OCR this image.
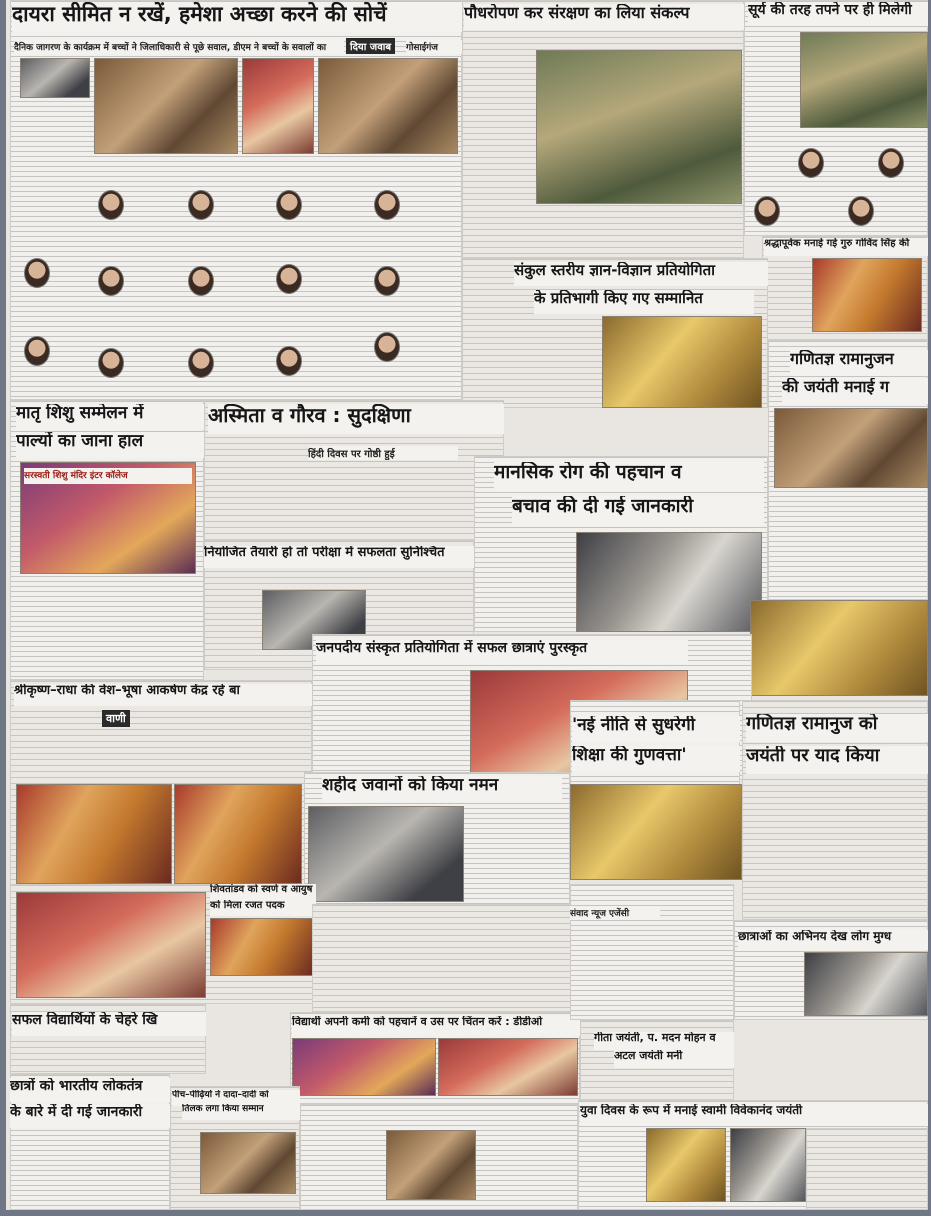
दायरा सीमित न रखें, हमेशा अच्छा करने की सोचें
दैनिक जागरण के कार्यक्रम में बच्चों ने जिलाधिकारी से पूछे सवाल, डीएम ने बच्चों के सवालों का	दिया जवाब	गोसाईगंज
पौधरोपण कर संरक्षण का लिया संकल्प	सूर्य की तरह तपने पर ही मिलेगी
श्रद्धापूर्वक मनाई गई गुरु गोविंद सिंह की
गणितज्ञ रामानुजन
की जयंती मनाई ग
संकुल स्तरीय ज्ञान-विज्ञान प्रतियोगिता
के प्रतिभागी किए गए सम्मानित
मातृ शिशु सम्मेलन में
पाल्यों का जाना हाल
सरस्वती शिशु मंदिर इंटर कॉलेज
अस्मिता व गौरव : सुदक्षिणा
हिंदी दिवस पर गोष्ठी हुई
मानसिक रोग की पहचान व
बचाव की दी गई जानकारी
नियोजित तैयारी हो तो परीक्षा में सफलता सुनिश्चित
जनपदीय संस्कृत प्रतियोगिता में सफल छात्राएं पुरस्कृत
श्रीकृष्ण–राधा की वेश–भूषा आकर्षण केंद्र रहे बा
वाणी	'नई नीति से सुधरेगी
शिक्षा की गुणवत्ता'
गणितज्ञ रामानुज को
जयंती पर याद किया
शहीद जवानों को किया नमन
शिवतांडव को स्वर्ण व आयुष
को मिला रजत पदक
छात्राओं का अभिनय देख लोग मुग्ध
सफल विद्यार्थियों के चेहरे खि	विद्यार्थी अपनी कमी को पहचानें व उस पर चिंतन करें : डीडीओ
गीता जयंती, प. मदन मोहन व
अटल जयंती मनी
छात्रों को भारतीय लोकतंत्र
के बारे में दी गई जानकारी
पीच–पीढ़ियों ने दादा–दादी को
तिलक लगा किया सम्मान	युवा दिवस के रूप में मनाई स्वामी विवेकानंद जयंती
संवाद न्यूज एजेंसी
